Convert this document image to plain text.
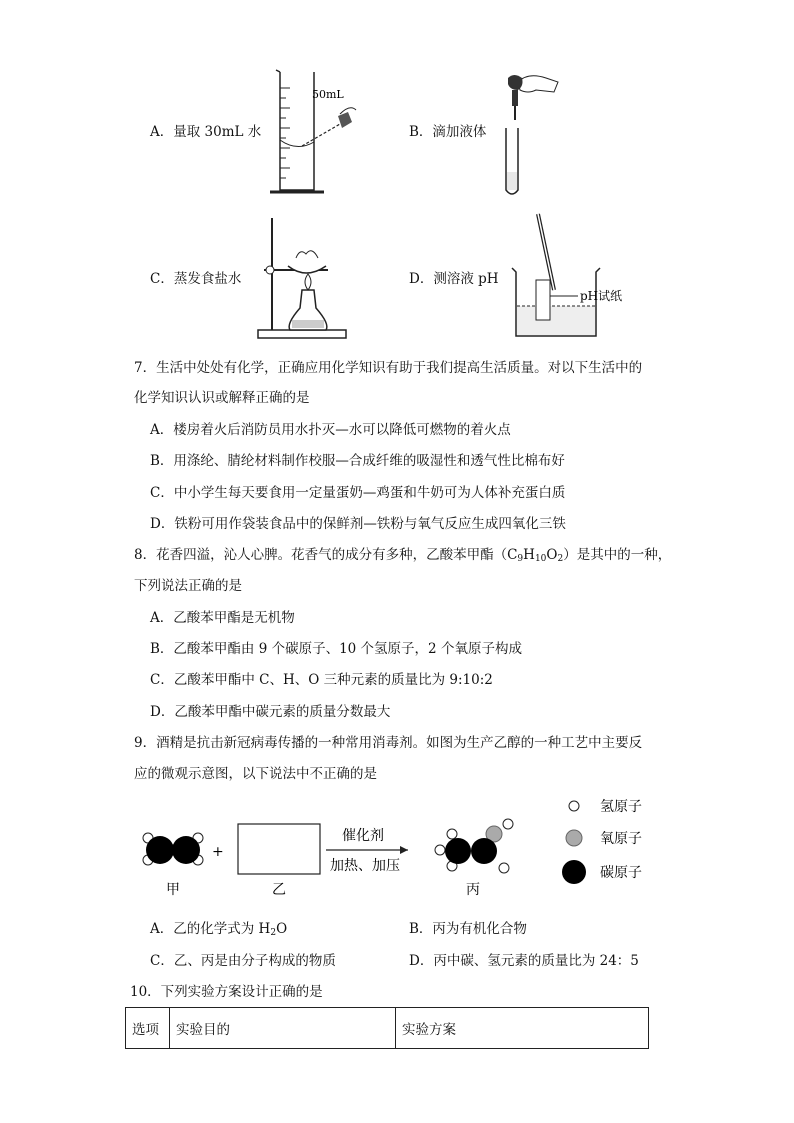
50mL
A．量取 30mL 水	B．滴加液体
C．蒸发食盐水
pH试纸
D．测溶液 pH
7．生活中处处有化学，正确应用化学知识有助于我们提高生活质量。对以下生活中的
化学知识认识或解释正确的是
A．楼房着火后消防员用水扑灭—水可以降低可燃物的着火点
B．用涤纶、腈纶材料制作校服—合成纤维的吸湿性和透气性比棉布好
C．中小学生每天要食用一定量蛋奶—鸡蛋和牛奶可为人体补充蛋白质
D．铁粉可用作袋装食品中的保鲜剂—铁粉与氧气反应生成四氧化三铁
8．花香四溢，沁人心脾。花香气的成分有多种，乙酸苯甲酯$(C_9H_{10}O_2)$是其中的一种，
下列说法正确的是
A．乙酸苯甲酯是无机物
B．乙酸苯甲酯由 9 个碳原子、10 个氢原子，2 个氧原子构成
C．乙酸苯甲酯中 C、H、O 三种元素的质量比为 9:10:2
D．乙酸苯甲酯中碳元素的质量分数最大
9．酒精是抗击新冠病毒传播的一种常用消毒剂。如图为生产乙醇的一种工艺中主要反
应的微观示意图，以下说法中不正确的是
+
催化剂
加热、加压
甲	乙	丙
氢原子
氧原子
碳原子
A．乙的化学式为 $H_2O$	B．丙为有机化合物
C．乙、丙是由分子构成的物质	D．丙中碳、氢元素的质量比为 24：5
10．下列实验方案设计正确的是
选项	实验目的	实验方案
